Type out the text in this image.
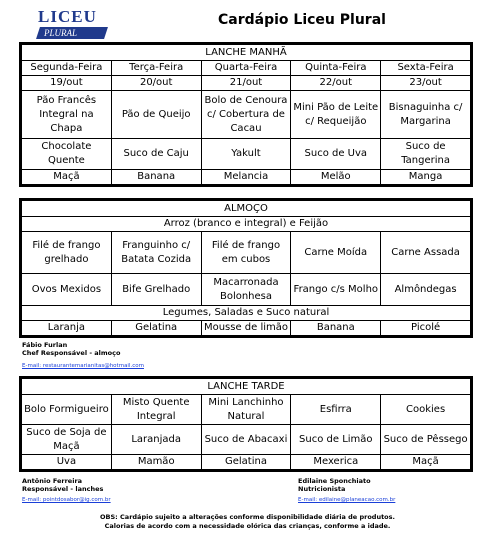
LICEU
PLURAL
Cardápio Liceu Plural
LANCHE MANHÃ				
Segunda-Feira	Terça-Feira	Quarta-Feira	Quinta-Feira	Sexta-Feira
19/out	20/out	21/out	22/out	23/out
Pão Francês Integral na Chapa	Pão de Queijo	Bolo de Cenoura c/ Cobertura de Cacau	Mini Pão de Leite c/ Requeijão	Bisnaguinha c/ Margarina
Chocolate Quente	Suco de Caju	Yakult	Suco de Uva	Suco de Tangerina
Maçã	Banana	Melancia	Melão	Manga
ALMOÇO				
Arroz (branco e integral) e Feijão				
Filé de frango grelhado	Franguinho c/ Batata Cozida	Filé de frango em cubos	Carne Moída	Carne Assada
Ovos Mexidos	Bife Grelhado	Macarronada Bolonhesa	Frango c/s Molho	Almôndegas
Legumes, Saladas e Suco natural				
Laranja	Gelatina	Mousse de limão	Banana	Picolé
Fábio Furlan
Chef Responsável - almoço
E-mail: restaurantemarianitas@hotmail.com
LANCHE TARDE				
Bolo Formigueiro	Misto Quente Integral	Mini Lanchinho Natural	Esfirra	Cookies
Suco de Soja de Maçã	Laranjada	Suco de Abacaxi	Suco de Limão	Suco de Pêssego
Uva	Mamão	Gelatina	Mexerica	Maçã
Antônio Ferreira
Responsável - lanches
E-mail: pointdosabor@ig.com.br
Edilaine Sponchiato
Nutricionista
E-mail: edilaine@planeacao.com.br
OBS: Cardápio sujeito a alterações conforme disponibilidade diária de produtos.
Calorias de acordo com a necessidade olórica das crianças, conforme a idade.
